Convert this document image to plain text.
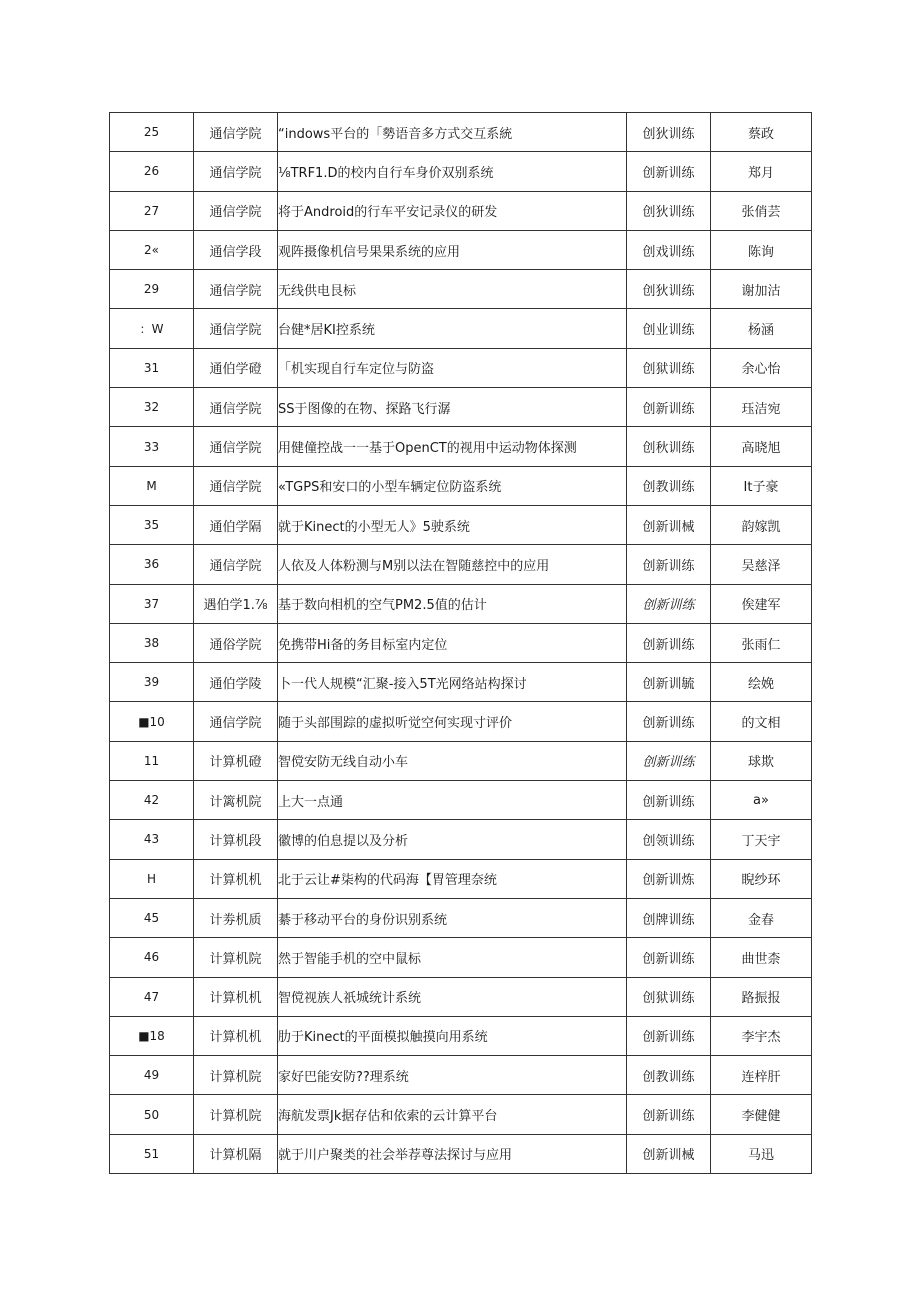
25	通信学院	“indows平台的「勢语音多方式交互系統	创狄训练	蔡政
26	通信学院	⅛TRF1.D的校内自行车身价双别系统	创新训练	郑月
27	通信学院	将于Android的行车平安记录仪的研发	创狄训练	张俏芸
2«	通信学段	观阵摄像机信号果果系统的应用	创戏训练	陈询
29	通信学院	无线供电艮标	创狄训练	谢加沽
：W	通信学院	台健*居KI控系统	创业训练	杨涵
31	通伯学磴	「机实现自行车定位与防盗	创狱训练	余心怡
32	通信学院	SS于图像的在物、探路飞行潺	创新训练	珏洁宛
33	通信学院	用健僮控战一一基于OpenCT的视用中运动物体探测	创秋训练	高晓旭
M	通信学院	«TGPS和安口的小型车辆定位防盗系统	创教训练	It子豪
35	通伯学隔	就于Kinect的小型无人》5驶系统	创新训械	韵嫁凯
36	通信学院	人依及人体粉测与M别以法在智随慈控中的应用	创新训练	吴慈泽
37	遇伯学1.⅞	基于数向相机的空气PM2.5值的估计	创新训练	俟建军
38	通俗学院	免携带Hi备的务目标室内定位	创新训练	张雨仁
39	通伯学陵	卜一代人规模“汇聚-接入5T光网络站构探讨	创新训毓	绘娩
■10	通信学院	随于头部围踪的虚拟听觉空何实现寸评价	创新训练	的文相
11	计算机磴	智傥安防无线自动小车	创新训练	球欺
42	计篱机院	上大一点通	创新训练	a»
43	计算机段	徽博的伯息提以及分析	创领训练	丁天宇
H	计算机机	北于云让#柒构的代码海【胃管理奈统	创新训炼	睨纱环
45	计劵机质	綦于移动平台的身份识别系统	创牌训练	金春
46	计算机院	然于智能手机的空中鼠标	创新训练	曲世柰
47	计算机机	智傥视族人祇城统计系统	创狱训练	路振报
■18	计算机机	肋于Kinect的平面模拟触摸向用系统	创新训练	李宇杰
49	计算机院	家好巴能安防??理系统	创教训练	连梓肝
50	计算机院	海航发票Jk据存估和依索的云计算平台	创新训练	李健健
51	计算机隔	就于川户聚类的社会举荐尊法探讨与应用	创新训械	马迅
